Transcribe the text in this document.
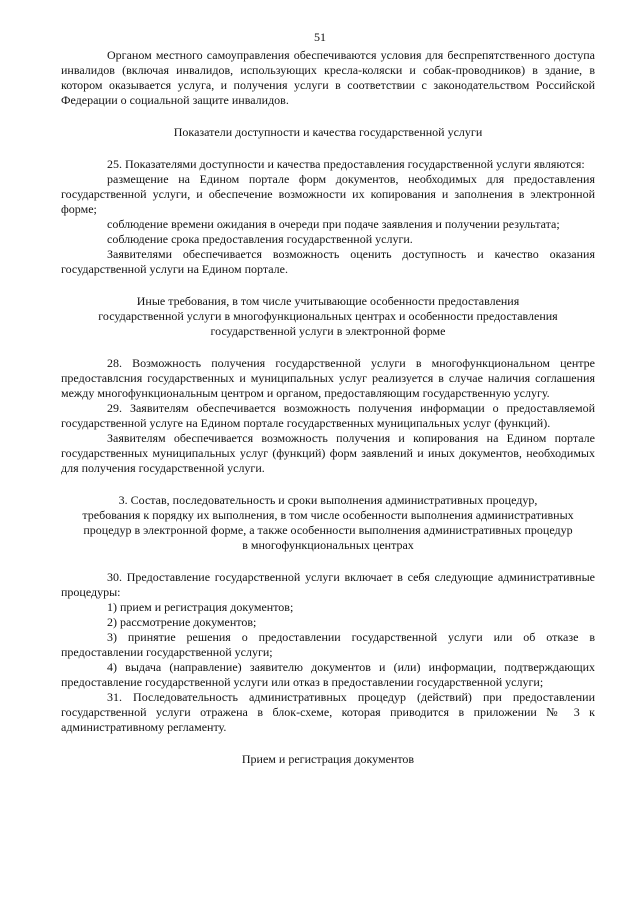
51

Органом местного самоуправления обеспечиваются условия для беспрепятственного доступа инвалидов (включая инвалидов, использующих кресла-коляски и собак-проводников) в здание, в котором оказывается услуга, и получения услуги в соответствии с законодательством Российской Федерации о социальной защите инвалидов.

Показатели доступности и качества государственной услуги

25. Показателями доступности и качества предоставления государственной услуги являются:

размещение на Едином портале форм документов, необходимых для предоставления государственной услуги, и обеспечение возможности их копирования и заполнения в электронной форме;

соблюдение времени ожидания в очереди при подаче заявления и получении результата;

соблюдение срока предоставления государственной услуги.

Заявителями обеспечивается возможность оценить доступность и качество оказания государственной услуги на Едином портале.

Иные требования, в том числе учитывающие особенности предоставления
государственной услуги в многофункциональных центрах и особенности предоставления
государственной услуги в электронной форме

28. Возможность получения государственной услуги в многофункциональном центре предоставлсния государственных и муниципальных услуг реализуется в случае наличия соглашения между многофункциональным центром и органом, предоставляющим государственную услугу.

29. Заявителям обеспечивается возможность получения информации о предоставляемой государственной услуге на Едином портале государственных муниципальных услуг (функций).

Заявителям обеспечивается возможность получения и копирования на Едином портале государственных муниципальных услуг (функций) форм заявлений и иных документов, необходимых для получения государственной услуги.

3. Состав, последовательность и сроки выполнения административных процедур,
требования к порядку их выполнения, в том числе особенности выполнения административных
процедур в электронной форме, а также особенности выполнения административных процедур
в многофункциональных центрах

30. Предоставление государственной услуги включает в себя следующие административные процедуры:

1) прием и регистрация документов;

2) рассмотрение документов;

3) принятие решения о предоставлении государственной услуги или об отказе в предоставлении государственной услуги;

4) выдача (направление) заявителю документов и (или) информации, подтверждающих предоставление государственной услуги или отказ в предоставлении государственной услуги;

31. Последовательность административных процедур (действий) при предоставлении государственной услуги отражена в блок-схеме, которая приводится в приложении № 3 к административному регламенту.

Прием и регистрация документов
